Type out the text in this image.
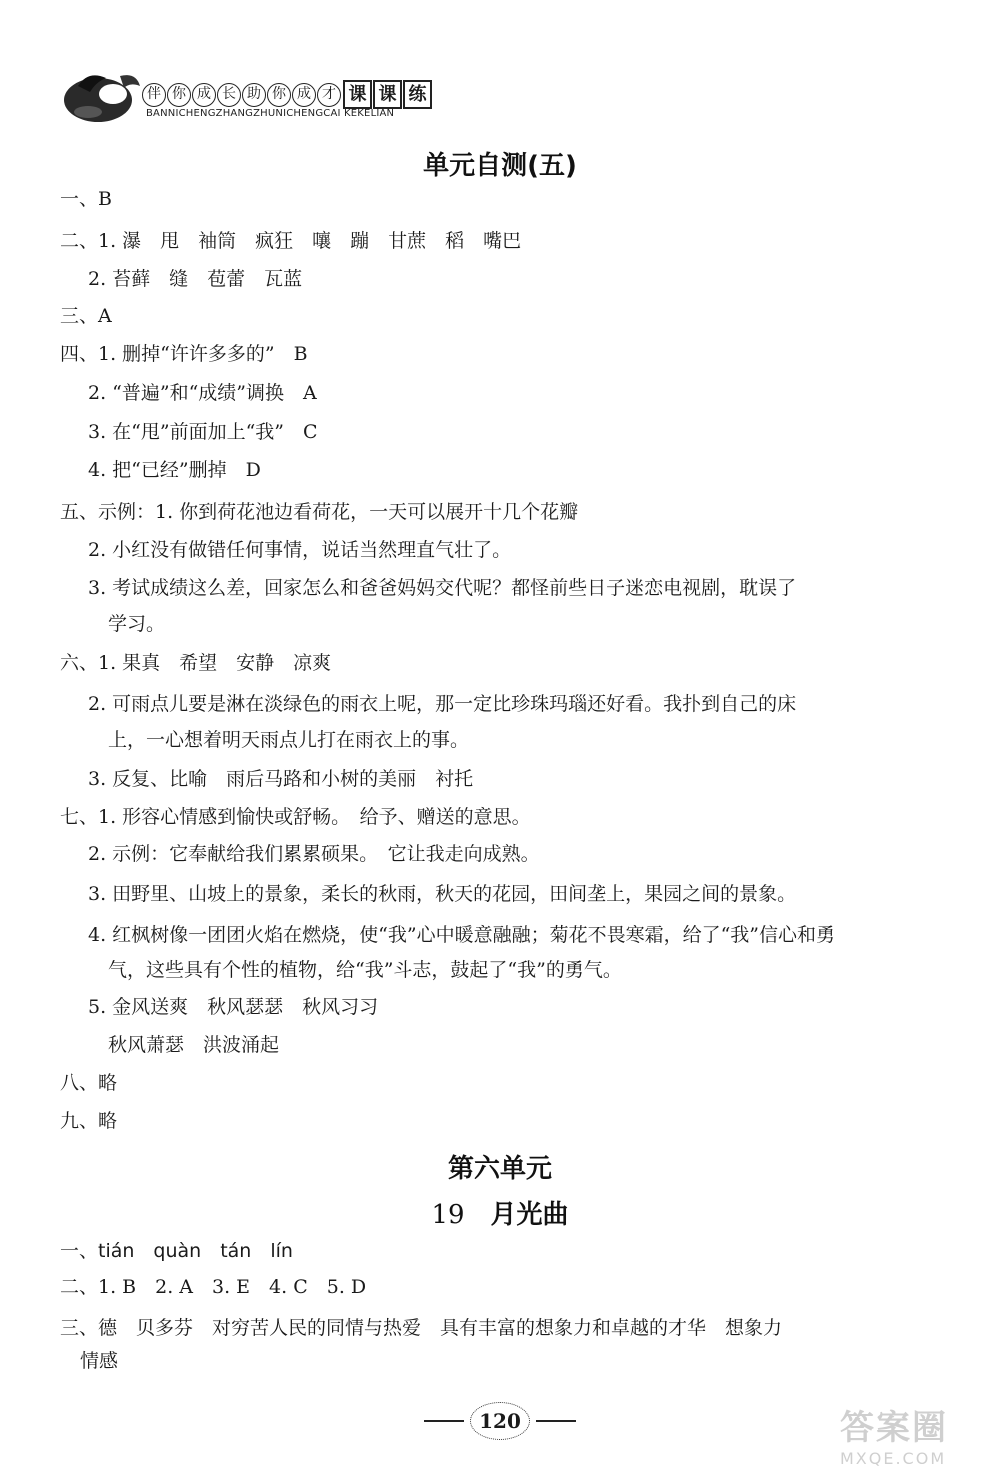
伴 你 成 长 助 你 成 才 课 课 练
BANNICHENGZHANGZHUNICHENGCAI KEKELIAN
单元自测(五)
一、B
二、1. 瀑　甩　袖筒　疯狂　嚷　蹦　甘蔗　稻　嘴巴
2. 苔藓　缝　苞蕾　瓦蓝
三、A
四、1. 删掉“许许多多的”　B
2. “普遍”和“成绩”调换　A
3. 在“甩”前面加上“我”　C
4. 把“已经”删掉　D
五、示例：1. 你到荷花池边看荷花，一天可以展开十几个花瓣
2. 小红没有做错任何事情，说话当然理直气壮了。
3. 考试成绩这么差，回家怎么和爸爸妈妈交代呢？都怪前些日子迷恋电视剧，耽误了
学习。
六、1. 果真　希望　安静　凉爽
2. 可雨点儿要是淋在淡绿色的雨衣上呢，那一定比珍珠玛瑙还好看。我扑到自己的床
上，一心想着明天雨点儿打在雨衣上的事。
3. 反复、比喻　雨后马路和小树的美丽　衬托
七、1. 形容心情感到愉快或舒畅。　给予、赠送的意思。
2. 示例：它奉献给我们累累硕果。　它让我走向成熟。
3. 田野里、山坡上的景象，柔长的秋雨，秋天的花园，田间垄上，果园之间的景象。
4. 红枫树像一团团火焰在燃烧，使“我”心中暖意融融；菊花不畏寒霜，给了“我”信心和勇
气，这些具有个性的植物，给“我”斗志，鼓起了“我”的勇气。
5. 金风送爽　秋风瑟瑟　秋风习习
秋风萧瑟　洪波涌起
八、略
九、略
第六单元
19 月光曲
一、tián　quàn　tán　lín
二、1. B　2. A　3. E　4. C　5. D
三、德　贝多芬　对穷苦人民的同情与热爱　具有丰富的想象力和卓越的才华　想象力
情感
120	答案圈
MXQE.COM
